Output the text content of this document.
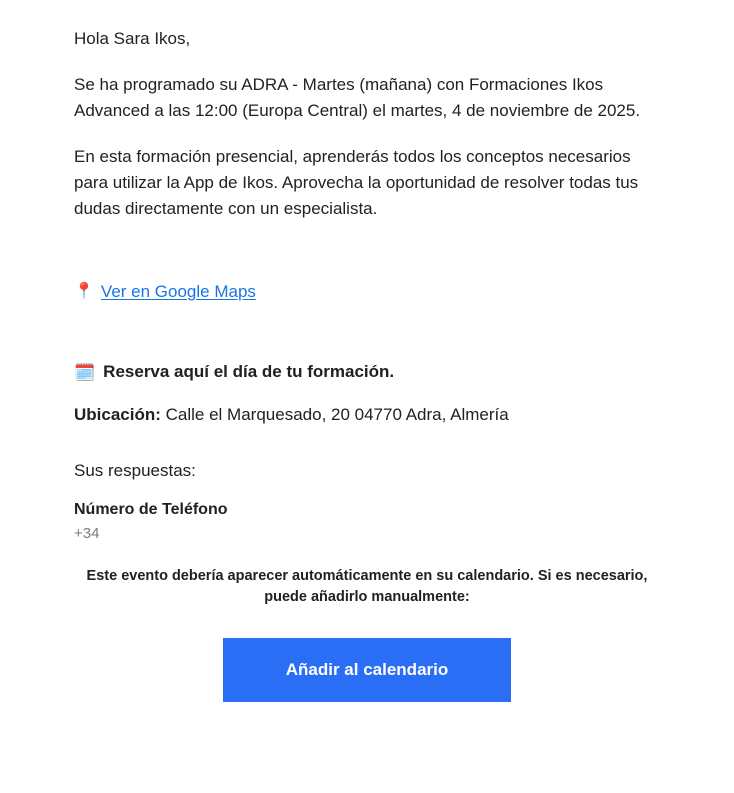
Hola Sara Ikos,

Se ha programado su ADRA - Martes (mañana) con Formaciones Ikos Advanced a las 12:00 (Europa Central) el martes, 4 de noviembre de 2025.

En esta formación presencial, aprenderás todos los conceptos necesarios para utilizar la App de Ikos. Aprovecha la oportunidad de resolver todas tus dudas directamente con un especialista.

📍 Ver en Google Maps
🗓️ Reserva aquí el día de tu formación.
Ubicación: Calle el Marquesado, 20 04770 Adra, Almería
Sus respuestas:
Número de Teléfono
+34
Este evento debería aparecer automáticamente en su calendario. Si es necesario, puede añadirlo manualmente:
Añadir al calendario
